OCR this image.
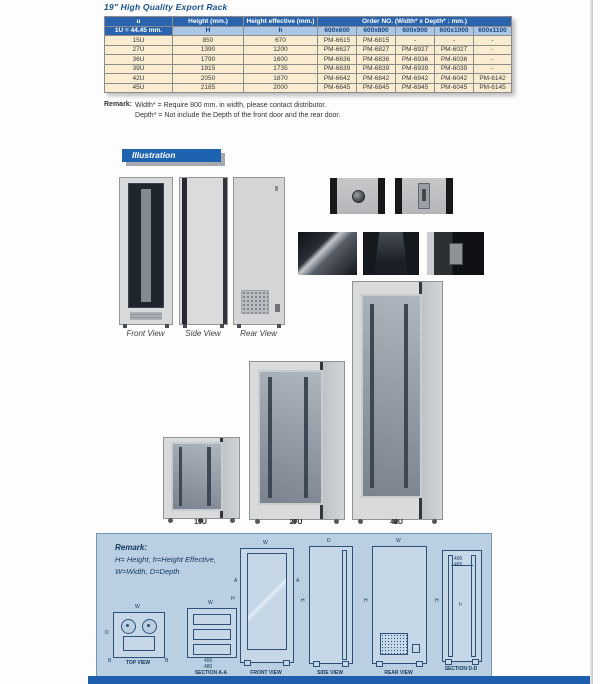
19" High Quality Export Rack
u	Height (mm.)	Height effective (mm.)	Order NO. (Width* x Depth* : mm.)				
1U = 44.45 mm.	H	h	600x600	600x800	600x900	600x1000	600x1100
15U	850	670	PM-6615	PM-6815	-	-	-
27U	1390	1200	PM-6627	PM-6827	PM-6927	PM-6027	-
36U	1790	1600	PM-6636	PM-6836	PM-6936	PM-6036	-
39U	1915	1735	PM-6639	PM-6839	PM-6939	PM-6039	-
42U	2050	1870	PM-6642	PM-6842	PM-6942	PM-6042	PM-6142
45U	2185	2000	PM-6645	PM-6845	PM-6945	PM-6045	PM-6145
Remark: Width* = Require 800 mm. in width, please contact distributor.
Depth* = Not include the Depth of the front door and the rear door.
Illustration
Front View	Side View	Rear View
15U	27U	42U
Remark:
H= Height, h=Height Effective,
W=Width, D=Depth
W
D
B	B
TOP VIEW
W
450
480
SECTION A-A
W
H
A	A
FRONT VIEW
D
H
SIDE VIEW
W
H
REAR VIEW
400
465
h
H
SECTION D-D
